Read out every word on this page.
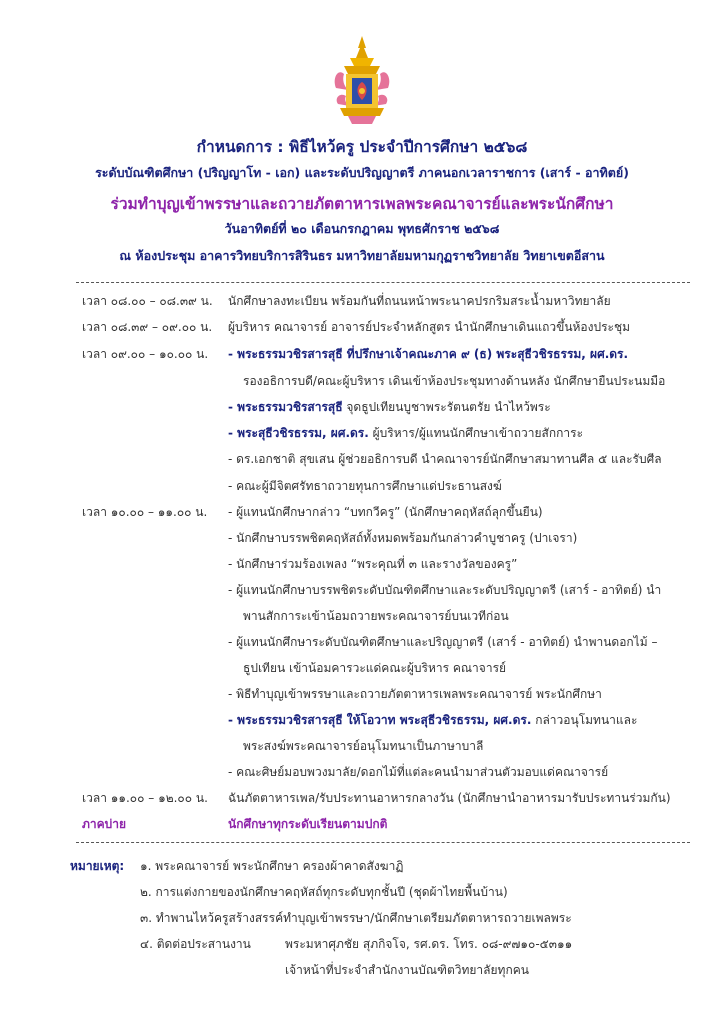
กำหนดการ : พิธีไหว้ครู ประจำปีการศึกษา ๒๕๖๘
ระดับบัณฑิตศึกษา (ปริญญาโท - เอก) และระดับปริญญาตรี ภาคนอกเวลาราชการ (เสาร์ - อาทิตย์)
ร่วมทำบุญเข้าพรรษาและถวายภัตตาหารเพลพระคณาจารย์และพระนักศึกษา
วันอาทิตย์ที่ ๒๐ เดือนกรกฎาคม พุทธศักราช ๒๕๖๘
ณ ห้องประชุม อาคารวิทยบริการสิรินธร มหาวิทยาลัยมหามกุฏราชวิทยาลัย วิทยาเขตอีสาน
เวลา ๐๘.๐๐ – ๐๘.๓๙ น.	นักศึกษาลงทะเบียน พร้อมกันที่ถนนหน้าพระนาคปรกริมสระน้ำมหาวิทยาลัย
เวลา ๐๘.๓๙ – ๐๙.๐๐ น.	ผู้บริหาร คณาจารย์ อาจารย์ประจำหลักสูตร นำนักศึกษาเดินแถวขึ้นห้องประชุม
เวลา ๐๙.๐๐ – ๑๐.๐๐ น.	- พระธรรมวชิรสารสุธี ที่ปรึกษาเจ้าคณะภาค ๙ (ธ) พระสุธีวชิรธรรม, ผศ.ดร.
รองอธิการบดี/คณะผู้บริหาร เดินเข้าห้องประชุมทางด้านหลัง นักศึกษายืนประนมมือ
- พระธรรมวชิรสารสุธี จุดธูปเทียนบูชาพระรัตนตรัย นำไหว้พระ
- พระสุธีวชิรธรรม, ผศ.ดร. ผู้บริหาร/ผู้แทนนักศึกษาเข้าถวายสักการะ
- ดร.เอกชาติ สุขเสน ผู้ช่วยอธิการบดี นำคณาจารย์นักศึกษาสมาทานศีล ๕ และรับศีล
- คณะผู้มีจิตศรัทธาถวายทุนการศึกษาแด่ประธานสงฆ์
เวลา ๑๐.๐๐ – ๑๑.๐๐ น.	- ผู้แทนนักศึกษากล่าว “บทกวีครู” (นักศึกษาคฤหัสถ์ลุกขึ้นยืน)
- นักศึกษาบรรพชิตคฤหัสถ์ทั้งหมดพร้อมกันกล่าวคำบูชาครู (ปาเจรา)
- นักศึกษาร่วมร้องเพลง “พระคุณที่ ๓ และรางวัลของครู”
- ผู้แทนนักศึกษาบรรพชิตระดับบัณฑิตศึกษาและระดับปริญญาตรี (เสาร์ - อาทิตย์) นำ
พานสักการะเข้าน้อมถวายพระคณาจารย์บนเวทีก่อน
- ผู้แทนนักศึกษาระดับบัณฑิตศึกษาและปริญญาตรี (เสาร์ - อาทิตย์) นำพานดอกไม้ –
ธูปเทียน เข้าน้อมคารวะแด่คณะผู้บริหาร คณาจารย์
- พิธีทำบุญเข้าพรรษาและถวายภัตตาหารเพลพระคณาจารย์ พระนักศึกษา
- พระธรรมวชิรสารสุธี ให้โอวาท พระสุธีวชิรธรรม, ผศ.ดร. กล่าวอนุโมทนาและ
พระสงฆ์พระคณาจารย์อนุโมทนาเป็นภาษาบาลี
- คณะศิษย์มอบพวงมาลัย/ดอกไม้ที่แต่ละคนนำมาส่วนตัวมอบแด่คณาจารย์
เวลา ๑๑.๐๐ – ๑๒.๐๐ น.	ฉันภัตตาหารเพล/รับประทานอาหารกลางวัน (นักศึกษานำอาหารมารับประทานร่วมกัน)
ภาคบ่าย	นักศึกษาทุกระดับเรียนตามปกติ
หมายเหตุ: ๑. พระคณาจารย์ พระนักศึกษา ครองผ้าคาดสังฆาฏิ
๒. การแต่งกายของนักศึกษาคฤหัสถ์ทุกระดับทุกชั้นปี (ชุดผ้าไทยพื้นบ้าน)
๓. ทำพานไหว้ครูสร้างสรรค์ทำบุญเข้าพรรษา/นักศึกษาเตรียมภัตตาหารถวายเพลพระ
๔. ติดต่อประสานงาน	พระมหาศุภชัย สุภกิจโจ, รศ.ดร. โทร. ๐๘-๙๗๑๐-๕๓๑๑
เจ้าหน้าที่ประจำสำนักงานบัณฑิตวิทยาลัยทุกคน
